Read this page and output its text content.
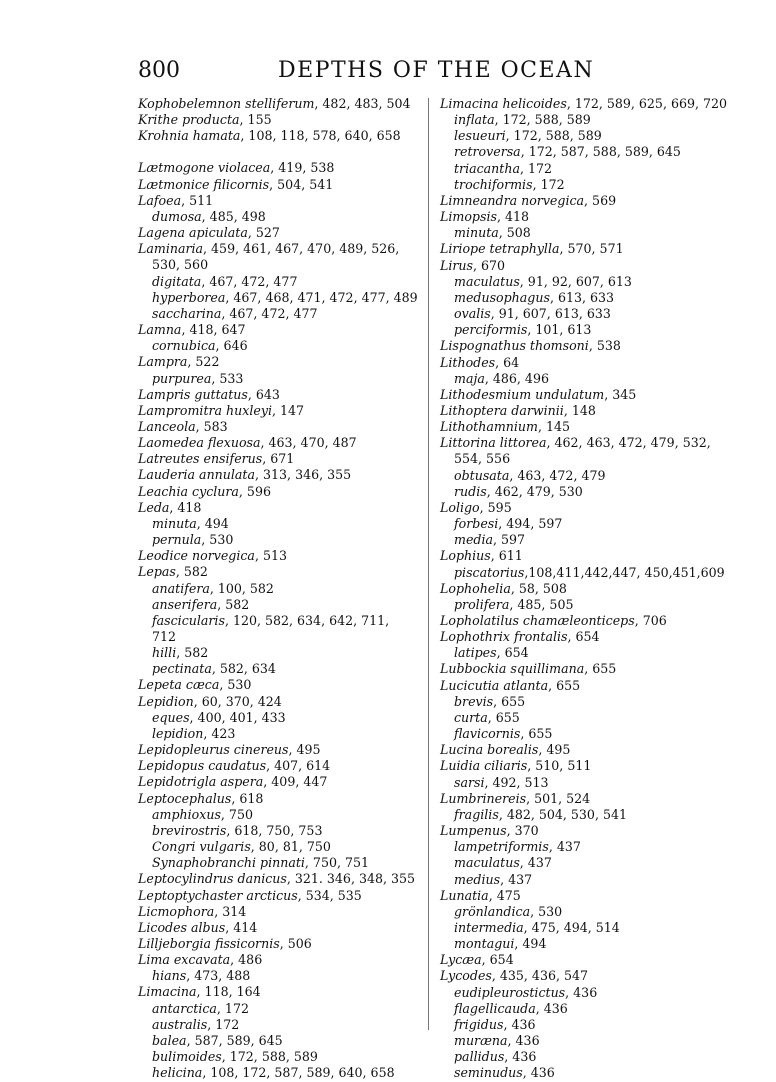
800	DEPTHS OF THE OCEAN
Kophobelemnon stelliferum, 482, 483, 504
Krithe producta, 155
Krohnia hamata, 108, 118, 578, 640, 658
Lætmogone violacea, 419, 538
Lætmonice filicornis, 504, 541
Lafoea, 511
dumosa, 485, 498
Lagena apiculata, 527
Laminaria, 459, 461, 467, 470, 489, 526,
530, 560
digitata, 467, 472, 477
hyperborea, 467, 468, 471, 472, 477, 489
saccharina, 467, 472, 477
Lamna, 418, 647
cornubica, 646
Lampra, 522
purpurea, 533
Lampris guttatus, 643
Lampromitra huxleyi, 147
Lanceola, 583
Laomedea flexuosa, 463, 470, 487
Latreutes ensiferus, 671
Lauderia annulata, 313, 346, 355
Leachia cyclura, 596
Leda, 418
minuta, 494
pernula, 530
Leodice norvegica, 513
Lepas, 582
anatifera, 100, 582
anserifera, 582
fascicularis, 120, 582, 634, 642, 711,
712
hilli, 582
pectinata, 582, 634
Lepeta cæca, 530
Lepidion, 60, 370, 424
eques, 400, 401, 433
lepidion, 423
Lepidopleurus cinereus, 495
Lepidopus caudatus, 407, 614
Lepidotrigla aspera, 409, 447
Leptocephalus, 618
amphioxus, 750
brevirostris, 618, 750, 753
Congri vulgaris, 80, 81, 750
Synaphobranchi pinnati, 750, 751
Leptocylindrus danicus, 321. 346, 348, 355
Leptoptychaster arcticus, 534, 535
Licmophora, 314
Licodes albus, 414
Lilljeborgia fissicornis, 506
Lima excavata, 486
hians, 473, 488
Limacina, 118, 164
antarctica, 172
australis, 172
balea, 587, 589, 645
bulimoides, 172, 588, 589
helicina, 108, 172, 587, 589, 640, 658
Limacina helicoides, 172, 589, 625, 669, 720
inflata, 172, 588, 589
lesueuri, 172, 588, 589
retroversa, 172, 587, 588, 589, 645
triacantha, 172
trochiformis, 172
Limneandra norvegica, 569
Limopsis, 418
minuta, 508
Liriope tetraphylla, 570, 571
Lirus, 670
maculatus, 91, 92, 607, 613
medusophagus, 613, 633
ovalis, 91, 607, 613, 633
perciformis, 101, 613
Lispognathus thomsoni, 538
Lithodes, 64
maja, 486, 496
Lithodesmium undulatum, 345
Lithoptera darwinii, 148
Lithothamnium, 145
Littorina littorea, 462, 463, 472, 479, 532,
554, 556
obtusata, 463, 472, 479
rudis, 462, 479, 530
Loligo, 595
forbesi, 494, 597
media, 597
Lophius, 611
piscatorius,108,411,442,447, 450,451,609
Lophohelia, 58, 508
prolifera, 485, 505
Lopholatilus chamæleonticeps, 706
Lophothrix frontalis, 654
latipes, 654
Lubbockia squillimana, 655
Lucicutia atlanta, 655
brevis, 655
curta, 655
flavicornis, 655
Lucina borealis, 495
Luidia ciliaris, 510, 511
sarsi, 492, 513
Lumbrinereis, 501, 524
fragilis, 482, 504, 530, 541
Lumpenus, 370
lampetriformis, 437
maculatus, 437
medius, 437
Lunatia, 475
grönlandica, 530
intermedia, 475, 494, 514
montagui, 494
Lycæa, 654
Lycodes, 435, 436, 547
eudipleurostictus, 436
flagellicauda, 436
frigidus, 436
muræna, 436
pallidus, 436
seminudus, 436
